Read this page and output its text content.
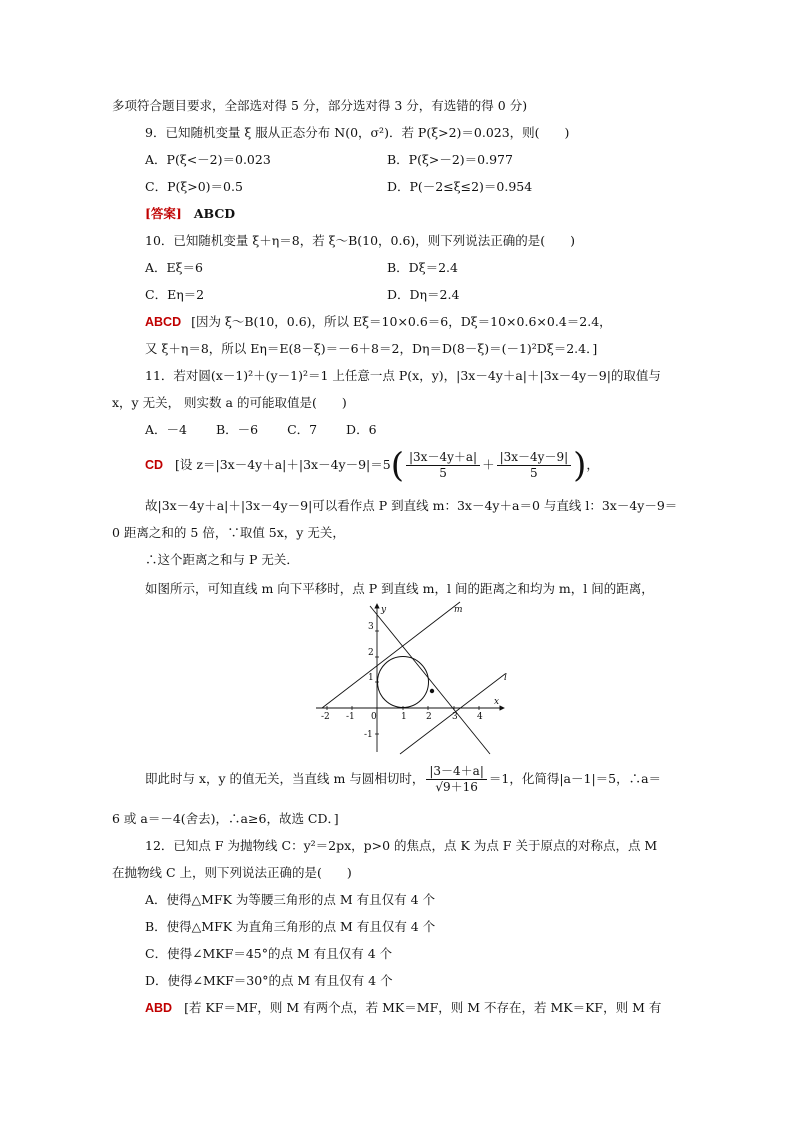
多项符合题目要求，全部选对得 5 分，部分选对得 3 分，有选错的得 0 分)
9．已知随机变量 ξ 服从正态分布 N(0，σ²)．若 P(ξ>2)＝0.023，则(　　)
A．P(ξ<－2)＝0.023	B．P(ξ>－2)＝0.977
C．P(ξ>0)＝0.5	D．P(－2≤ξ≤2)＝0.954
[答案] ABCD
10．已知随机变量 ξ＋η＝8，若 ξ～B(10，0.6)，则下列说法正确的是(　　)
A．Eξ＝6	B．Dξ＝2.4
C．Eη＝2	D．Dη＝2.4
ABCD [因为 ξ～B(10，0.6)，所以 Eξ＝10×0.6＝6，Dξ＝10×0.6×0.4＝2.4，
又 ξ＋η＝8，所以 Eη＝E(8－ξ)＝－6＋8＝2，Dη＝D(8－ξ)＝(－1)²Dξ＝2.4．]
11．若对圆(x－1)²＋(y－1)²＝1 上任意一点 P(x，y)，|3x－4y＋a|＋|3x－4y－9|的取值与
x，y 无关， 则实数 a 的可能取值是(　　)
A．－4　 　B．－6　 　C．7　 　D．6
CD [设 $z=|3x-4y+a|+|3x-4y-9|=5( \frac{|3x-4y+a|}{5} + \frac{|3x-4y-9|}{5}$ )，
故|3x－4y＋a|＋|3x－4y－9|可以看作点 P 到直线 m：3x－4y＋a＝0 与直线 l：3x－4y－9＝
0 距离之和的 5 倍，∵取值 5x，y 无关，
∴这个距离之和与 P 无关．
如图所示，可知直线 m 向下平移时，点 P 到直线 m，l 间的距离之和均为 m，l 间的距离，
y
x
m
l
0
-2 -1	1 2 3 4
3
2
1
-1
即此时与 x，y 的值无关，当直线 m 与圆相切时， $\frac{|3-4+a|}{√9+16} =1$，化简得|a－1|＝5，∴a＝
6 或 a＝－4(舍去)，∴a≥6，故选 CD．]
12．已知点 F 为抛物线 C：y²＝2px，p>0 的焦点，点 K 为点 F 关于原点的对称点，点 M
在抛物线 C 上，则下列说法正确的是(　　)
A．使得△MFK 为等腰三角形的点 M 有且仅有 4 个
B．使得△MFK 为直角三角形的点 M 有且仅有 4 个
C．使得∠MKF＝45°的点 M 有且仅有 4 个
D．使得∠MKF＝30°的点 M 有且仅有 4 个
ABD [若 KF＝MF，则 M 有两个点，若 MK＝MF，则 M 不存在，若 MK＝KF，则 M 有
